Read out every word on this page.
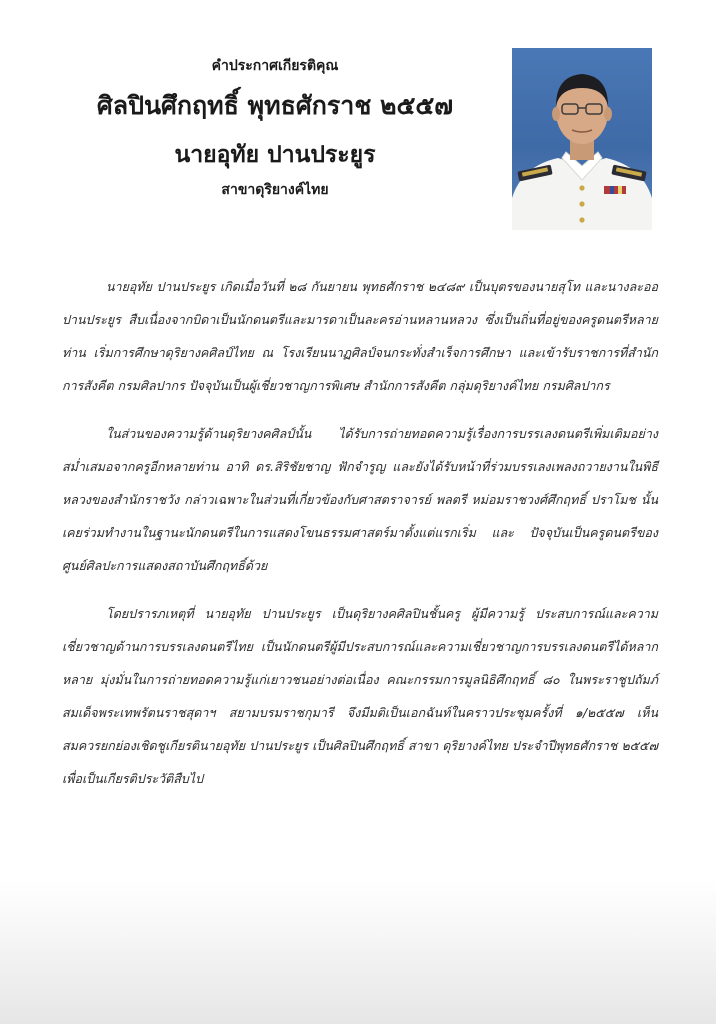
คำประกาศเกียรติคุณ
ศิลปินศึกฤทธิ์ พุทธศักราช ๒๕๕๗
นายอุทัย ปานประยูร
สาขาดุริยางค์ไทย

นายอุทัย ปานประยูร เกิดเมื่อวันที่ ๒๘ กันยายน พุทธศักราช ๒๔๘๙ เป็นบุตรของนายสุโท และนางละออ ปานประยูร สืบเนื่องจากบิดาเป็นนักดนตรีและมารดาเป็นละครอ่านหลานหลวง ซึ่งเป็นถิ่นที่อยู่ของครูดนตรีหลายท่าน เริ่มการศึกษาดุริยางคศิลป์ไทย ณ โรงเรียนนาฏศิลป์จนกระทั่งสำเร็จการศึกษา และเข้ารับราชการที่สำนักการสังคีต กรมศิลปากร ปัจจุบันเป็นผู้เชี่ยวชาญการพิเศษ สำนักการสังคีต กลุ่มดุริยางค์ไทย กรมศิลปากร

ในส่วนของความรู้ด้านดุริยางคศิลป์นั้น ได้รับการถ่ายทอดความรู้เรื่องการบรรเลงดนตรีเพิ่มเติมอย่างสม่ำเสมอจากครูอีกหลายท่าน อาทิ ดร.สิริชัยชาญ ฟักจำรูญ และยังได้รับหน้าที่ร่วมบรรเลงเพลงถวายงานในพิธีหลวงของสำนักราชวัง กล่าวเฉพาะในส่วนที่เกี่ยวข้องกับศาสตราจารย์ พลตรี หม่อมราชวงศ์ศึกฤทธิ์ ปราโมช นั้น เคยร่วมทำงานในฐานะนักดนตรีในการแสดงโขนธรรมศาสตร์มาตั้งแต่แรกเริ่ม และ ปัจจุบันเป็นครูดนตรีของศูนย์ศิลปะการแสดงสถาบันศึกฤทธิ์ด้วย

โดยปรารภเหตุที่ นายอุทัย ปานประยูร เป็นดุริยางคศิลปินชั้นครู ผู้มีความรู้ ประสบการณ์และความเชี่ยวชาญด้านการบรรเลงดนตรีไทย เป็นนักดนตรีผู้มีประสบการณ์และความเชี่ยวชาญการบรรเลงดนตรีได้หลากหลาย มุ่งมั่นในการถ่ายทอดความรู้แก่เยาวชนอย่างต่อเนื่อง คณะกรรมการมูลนิธิศึกฤทธิ์ ๘๐ ในพระราชูปถัมภ์สมเด็จพระเทพรัตนราชสุดาฯ สยามบรมราชกุมารี จึงมีมติเป็นเอกฉันท์ในคราวประชุมครั้งที่ ๑/๒๕๕๗ เห็นสมควรยกย่องเชิดชูเกียรตินายอุทัย ปานประยูร เป็นศิลปินศึกฤทธิ์ สาขา ดุริยางค์ไทย ประจำปีพุทธศักราช ๒๕๕๗ เพื่อเป็นเกียรติประวัติสืบไป
